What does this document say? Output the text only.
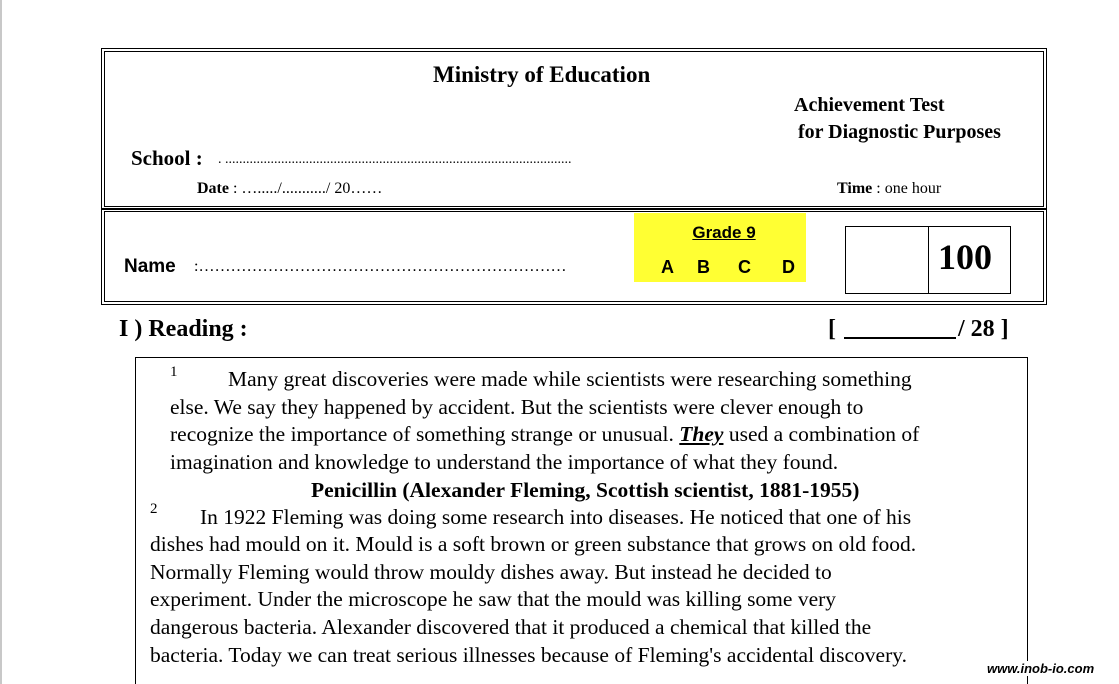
Ministry of Education
Achievement Test
for Diagnostic Purposes
School : . ...................................................................................................
Date : …...../.........../ 20……	Time : one hour
Name :……………………………………………………………
Grade 9
A B C D	100
I ) Reading :	[	/ 28 ]
1 Many great discoveries were made while scientists were researching something
else. We say they happened by accident. But the scientists were clever enough to
recognize the importance of something strange or unusual. They used a combination of
imagination and knowledge to understand the importance of what they found.
Penicillin (Alexander Fleming, Scottish scientist, 1881-1955)
2 In 1922 Fleming was doing some research into diseases. He noticed that one of his
dishes had mould on it. Mould is a soft brown or green substance that grows on old food.
Normally Fleming would throw mouldy dishes away. But instead he decided to
experiment. Under the microscope he saw that the mould was killing some very
dangerous bacteria. Alexander discovered that it produced a chemical that killed the
bacteria. Today we can treat serious illnesses because of Fleming's accidental discovery.
www.inob-io.com
